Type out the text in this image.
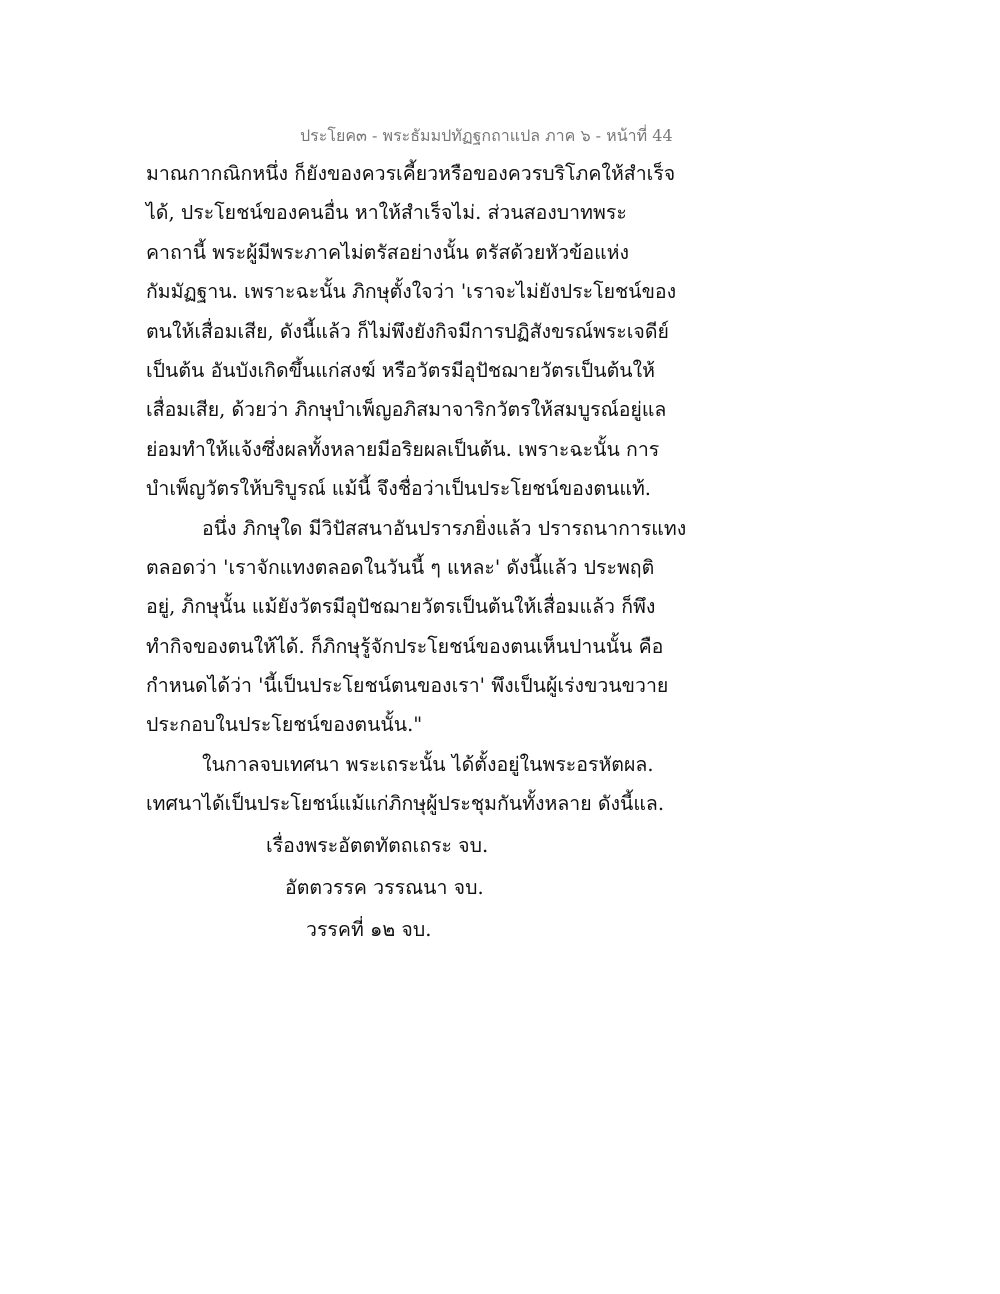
ประโยค๓ - พระธัมมปทัฏฐกถาแปล ภาค ๖ - หน้าที่ 44
มาณกากณิกหนึ่ง ก็ยังของควรเคี้ยวหรือของควรบริโภคให้สำเร็จ
ได้, ประโยชน์ของคนอื่น หาให้สำเร็จไม่. ส่วนสองบาทพระ
คาถานี้ พระผู้มีพระภาคไม่ตรัสอย่างนั้น ตรัสด้วยหัวข้อแห่ง
กัมมัฏฐาน. เพราะฉะนั้น ภิกษุตั้งใจว่า 'เราจะไม่ยังประโยชน์ของ
ตนให้เสื่อมเสีย, ดังนี้แล้ว ก็ไม่พึงยังกิจมีการปฏิสังขรณ์พระเจดีย์
เป็นต้น อันบังเกิดขึ้นแก่สงฆ์ หรือวัตรมีอุปัชฌายวัตรเป็นต้นให้
เสื่อมเสีย, ด้วยว่า ภิกษุบำเพ็ญอภิสมาจาริกวัตรให้สมบูรณ์อยู่แล
ย่อมทำให้แจ้งซึ่งผลทั้งหลายมีอริยผลเป็นต้น. เพราะฉะนั้น การ
บำเพ็ญวัตรให้บริบูรณ์ แม้นี้ จึงชื่อว่าเป็นประโยชน์ของตนแท้.
อนึ่ง ภิกษุใด มีวิปัสสนาอันปรารภยิ่งแล้ว ปรารถนาการแทง
ตลอดว่า 'เราจักแทงตลอดในวันนี้ ๆ แหละ' ดังนี้แล้ว ประพฤติ
อยู่, ภิกษุนั้น แม้ยังวัตรมีอุปัชฌายวัตรเป็นต้นให้เสื่อมแล้ว ก็พึง
ทำกิจของตนให้ได้. ก็ภิกษุรู้จักประโยชน์ของตนเห็นปานนั้น คือ
กำหนดได้ว่า 'นี้เป็นประโยชน์ตนของเรา' พึงเป็นผู้เร่งขวนขวาย
ประกอบในประโยชน์ของตนนั้น."
ในกาลจบเทศนา พระเถระนั้น ได้ตั้งอยู่ในพระอรหัตผล.
เทศนาได้เป็นประโยชน์แม้แก่ภิกษุผู้ประชุมกันทั้งหลาย ดังนี้แล.
เรื่องพระอัตตทัตถเถระ จบ.
อัตตวรรค วรรณนา จบ.
วรรคที่ ๑๒ จบ.
